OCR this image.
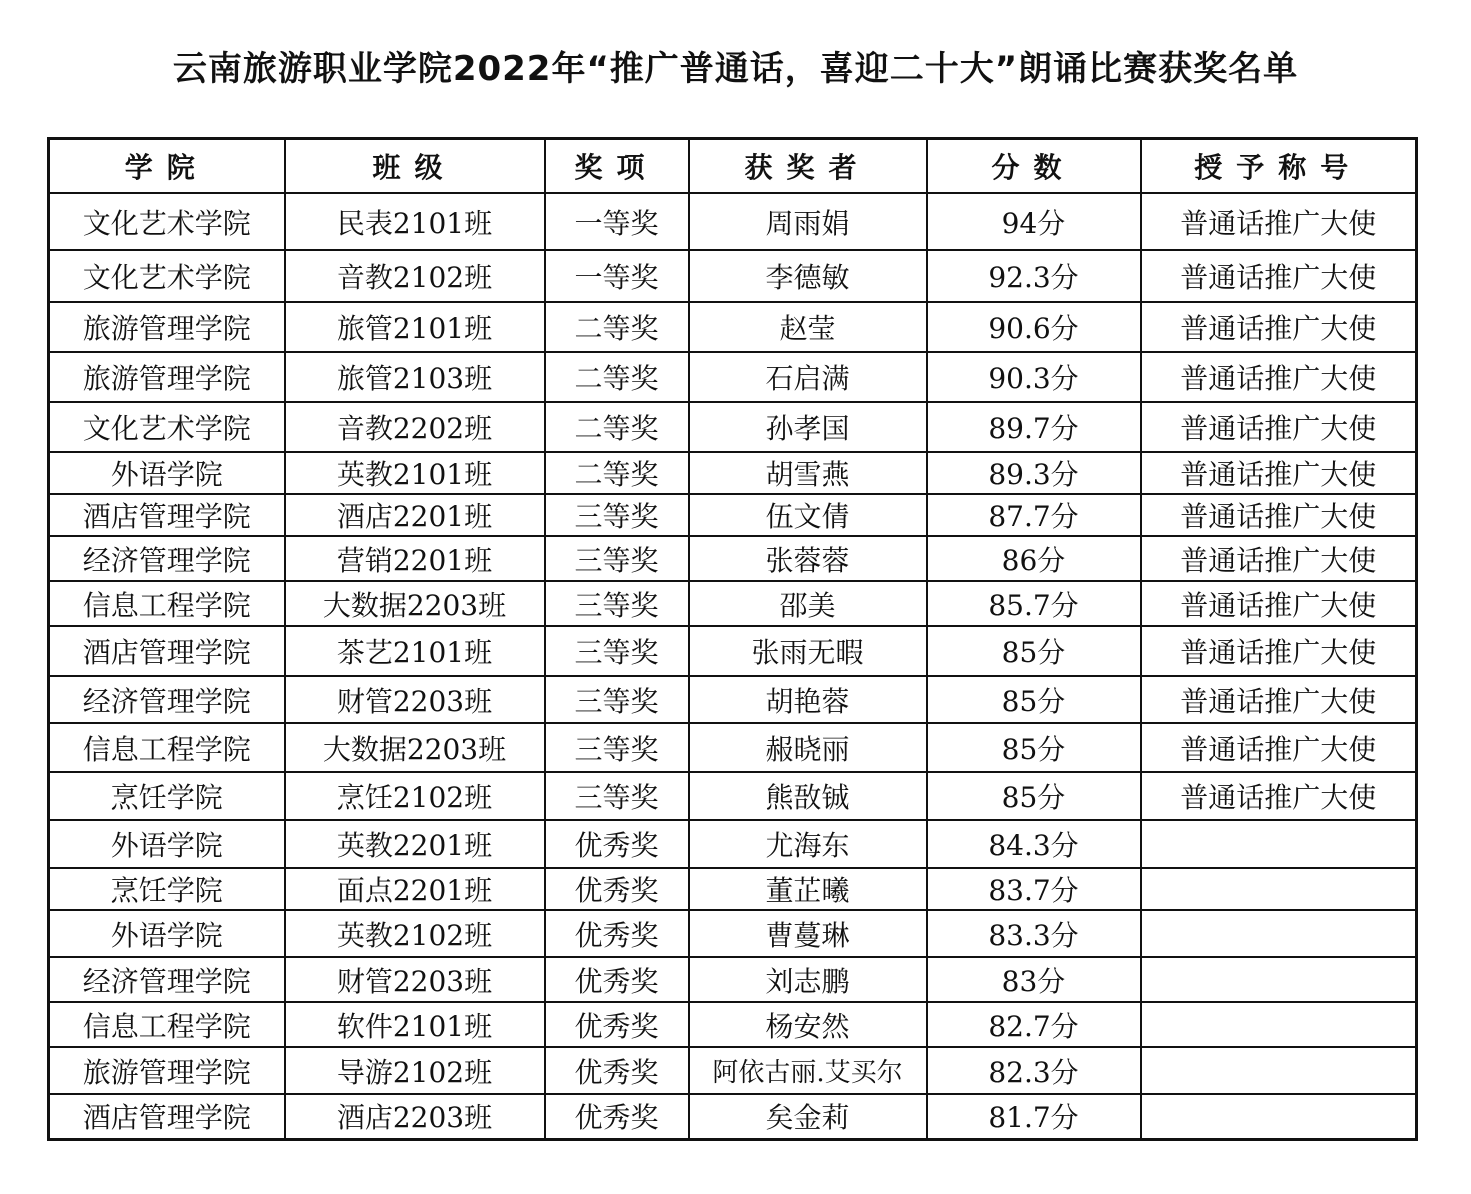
云南旅游职业学院2022年“推广普通话，喜迎二十大”朗诵比赛获奖名单
学院	班级	奖项	获奖者	分数	授予称号
文化艺术学院	民表2101班	一等奖	周雨娟	94分	普通话推广大使
文化艺术学院	音教2102班	一等奖	李德敏	92.3分	普通话推广大使
旅游管理学院	旅管2101班	二等奖	赵莹	90.6分	普通话推广大使
旅游管理学院	旅管2103班	二等奖	石启满	90.3分	普通话推广大使
文化艺术学院	音教2202班	二等奖	孙孝国	89.7分	普通话推广大使
外语学院	英教2101班	二等奖	胡雪燕	89.3分	普通话推广大使
酒店管理学院	酒店2201班	三等奖	伍文倩	87.7分	普通话推广大使
经济管理学院	营销2201班	三等奖	张蓉蓉	86分	普通话推广大使
信息工程学院	大数据2203班	三等奖	邵美	85.7分	普通话推广大使
酒店管理学院	茶艺2101班	三等奖	张雨无暇	85分	普通话推广大使
经济管理学院	财管2203班	三等奖	胡艳蓉	85分	普通话推广大使
信息工程学院	大数据2203班	三等奖	赧晓丽	85分	普通话推广大使
烹饪学院	烹饪2102班	三等奖	熊敔铖	85分	普通话推广大使
外语学院	英教2201班	优秀奖	尤海东	84.3分	
烹饪学院	面点2201班	优秀奖	董芷曦	83.7分	
外语学院	英教2102班	优秀奖	曹蔓琳	83.3分	
经济管理学院	财管2203班	优秀奖	刘志鹏	83分	
信息工程学院	软件2101班	优秀奖	杨安然	82.7分	
旅游管理学院	导游2102班	优秀奖	阿依古丽.艾买尔	82.3分	
酒店管理学院	酒店2203班	优秀奖	矣金莉	81.7分	
